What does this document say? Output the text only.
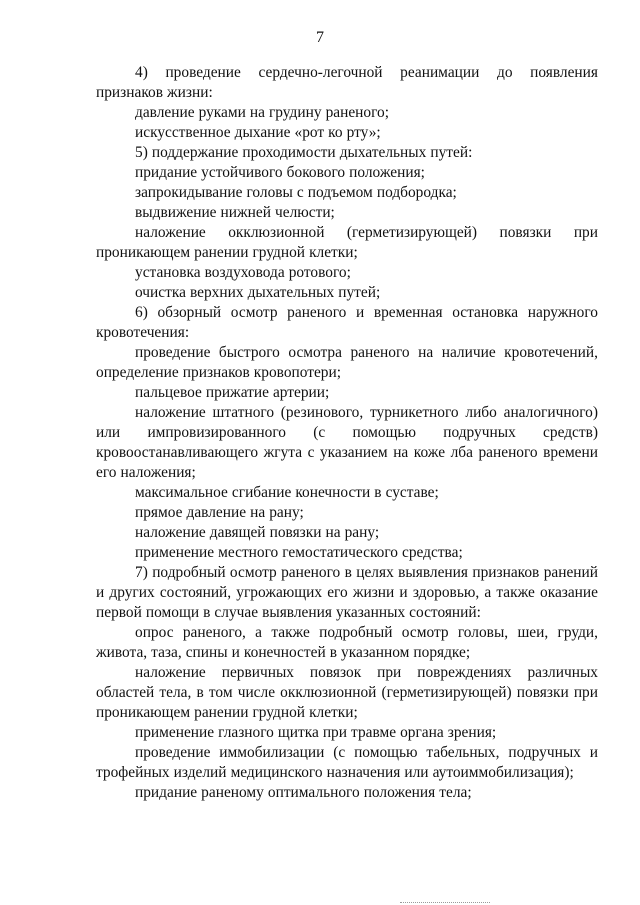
7

4) проведение сердечно-легочной реанимации до появления признаков жизни:

давление руками на грудину раненого;

искусственное дыхание «рот ко рту»;

5) поддержание проходимости дыхательных путей:

придание устойчивого бокового положения;

запрокидывание головы с подъемом подбородка;

выдвижение нижней челюсти;

наложение окклюзионной (герметизирующей) повязки при проникающем ранении грудной клетки;

установка воздуховода ротового;

очистка верхних дыхательных путей;

6) обзорный осмотр раненого и временная остановка наружного кровотечения:

проведение быстрого осмотра раненого на наличие кровотечений, определение признаков кровопотери;

пальцевое прижатие артерии;

наложение штатного (резинового, турникетного либо аналогичного) или импровизированного (с помощью подручных средств) кровоостанавливающего жгута с указанием на коже лба раненого времени его наложения;

максимальное сгибание конечности в суставе;

прямое давление на рану;

наложение давящей повязки на рану;

применение местного гемостатического средства;

7) подробный осмотр раненого в целях выявления признаков ранений и других состояний, угрожающих его жизни и здоровью, а также оказание первой помощи в случае выявления указанных состояний:

опрос раненого, а также подробный осмотр головы, шеи, груди, живота, таза, спины и конечностей в указанном порядке;

наложение первичных повязок при повреждениях различных областей тела, в том числе окклюзионной (герметизирующей) повязки при проникающем ранении грудной клетки;

применение глазного щитка при травме органа зрения;

проведение иммобилизации (с помощью табельных, подручных и трофейных изделий медицинского назначения или аутоиммобилизация);

придание раненому оптимального положения тела;
